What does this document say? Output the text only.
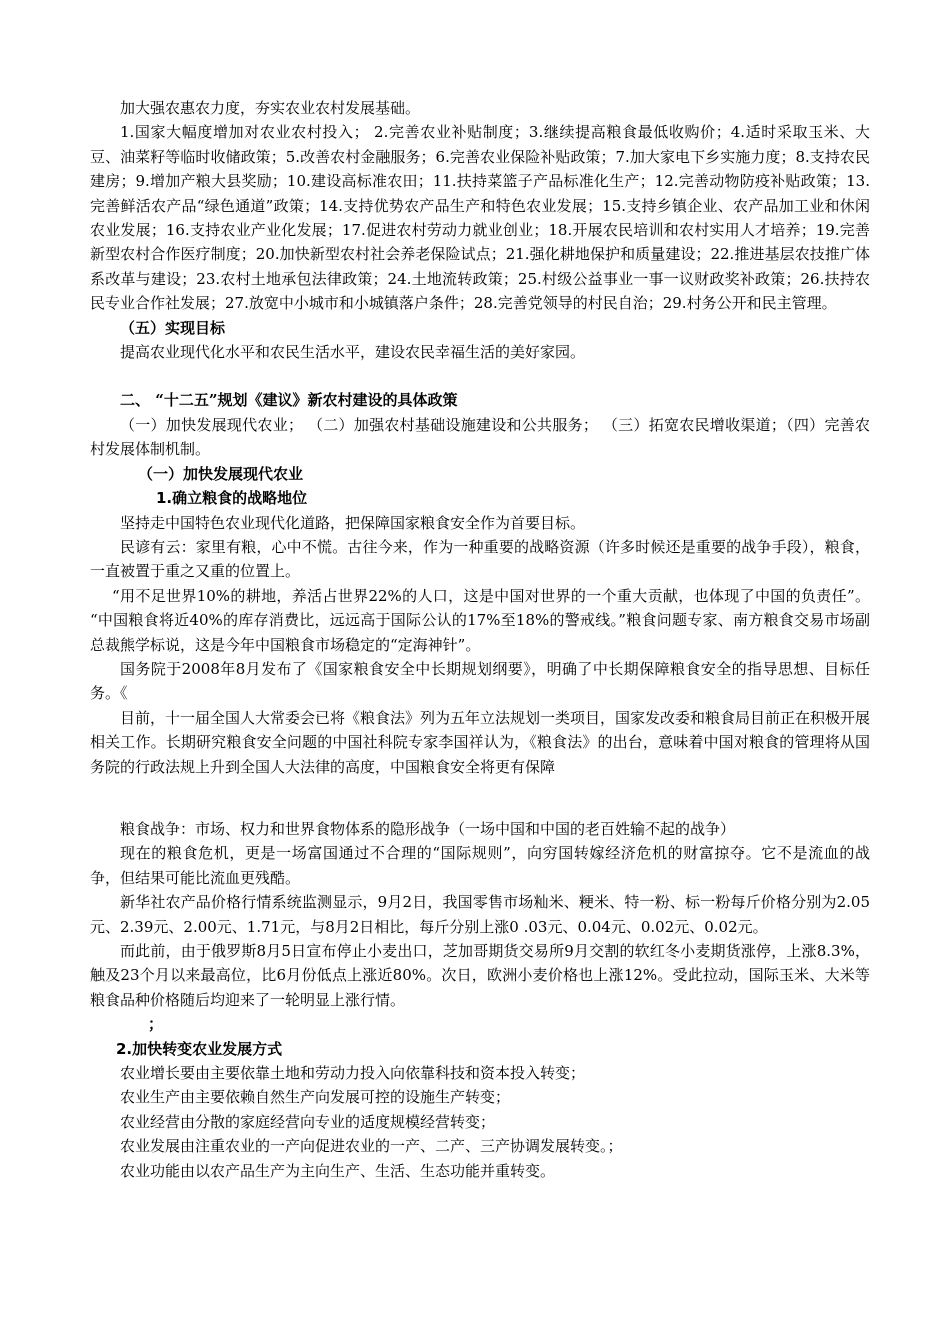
加大强农惠农力度，夯实农业农村发展基础。

1.国家大幅度增加对农业农村投入； 2.完善农业补贴制度；3.继续提高粮食最低收购价；4.适时采取玉米、大豆、油菜籽等临时收储政策；5.改善农村金融服务；6.完善农业保险补贴政策；7.加大家电下乡实施力度；8.支持农民建房；9.增加产粮大县奖励；10.建设高标准农田；11.扶持菜篮子产品标准化生产；12.完善动物防疫补贴政策；13.完善鲜活农产品“绿色通道”政策；14.支持优势农产品生产和特色农业发展；15.支持乡镇企业、农产品加工业和休闲农业发展；16.支持农业产业化发展；17.促进农村劳动力就业创业；18.开展农民培训和农村实用人才培养；19.完善新型农村合作医疗制度；20.加快新型农村社会养老保险试点；21.强化耕地保护和质量建设；22.推进基层农技推广体系改革与建设；23.农村土地承包法律政策；24.土地流转政策；25.村级公益事业一事一议财政奖补政策；26.扶持农民专业合作社发展；27.放宽中小城市和小城镇落户条件；28.完善党领导的村民自治；29.村务公开和民主管理。

（五）实现目标

提高农业现代化水平和农民生活水平，建设农民幸福生活的美好家园。

二、 “十二五”规划《建议》新农村建设的具体政策

（一）加快发展现代农业； （二）加强农村基础设施建设和公共服务； （三）拓宽农民增收渠道；（四）完善农村发展体制机制。

（一）加快发展现代农业

1.确立粮食的战略地位

坚持走中国特色农业现代化道路，把保障国家粮食安全作为首要目标。

民谚有云：家里有粮，心中不慌。古往今来，作为一种重要的战略资源（许多时候还是重要的战争手段），粮食，一直被置于重之又重的位置上。

“用不足世界10%的耕地，养活占世界22%的人口，这是中国对世界的一个重大贡献，也体现了中国的负责任”。 “中国粮食将近40%的库存消费比，远远高于国际公认的17%至18%的警戒线。”粮食问题专家、南方粮食交易市场副总裁熊学标说，这是今年中国粮食市场稳定的“定海神针”。

国务院于2008年8月发布了《国家粮食安全中长期规划纲要》，明确了中长期保障粮食安全的指导思想、目标任务。《

目前，十一届全国人大常委会已将《粮食法》列为五年立法规划一类项目，国家发改委和粮食局目前正在积极开展相关工作。长期研究粮食安全问题的中国社科院专家李国祥认为，《粮食法》的出台，意味着中国对粮食的管理将从国务院的行政法规上升到全国人大法律的高度，中国粮食安全将更有保障

粮食战争：市场、权力和世界食物体系的隐形战争（一场中国和中国的老百姓输不起的战争）

现在的粮食危机，更是一场富国通过不合理的“国际规则”，向穷国转嫁经济危机的财富掠夺。它不是流血的战争，但结果可能比流血更残酷。

新华社农产品价格行情系统监测显示，9月2日，我国零售市场籼米、粳米、特一粉、标一粉每斤价格分别为2.05元、2.39元、2.00元、1.71元，与8月2日相比，每斤分别上涨0 .03元、0.04元、0.02元、0.02元。

而此前，由于俄罗斯8月5日宣布停止小麦出口，芝加哥期货交易所9月交割的软红冬小麦期货涨停，上涨8.3%，触及23个月以来最高位，比6月份低点上涨近80%。次日，欧洲小麦价格也上涨12%。受此拉动，国际玉米、大米等粮食品种价格随后均迎来了一轮明显上涨行情。

；

2.加快转变农业发展方式

农业增长要由主要依靠土地和劳动力投入向依靠科技和资本投入转变；

农业生产由主要依赖自然生产向发展可控的设施生产转变；

农业经营由分散的家庭经营向专业的适度规模经营转变；

农业发展由注重农业的一产向促进农业的一产、二产、三产协调发展转变。；

农业功能由以农产品生产为主向生产、生活、生态功能并重转变。
